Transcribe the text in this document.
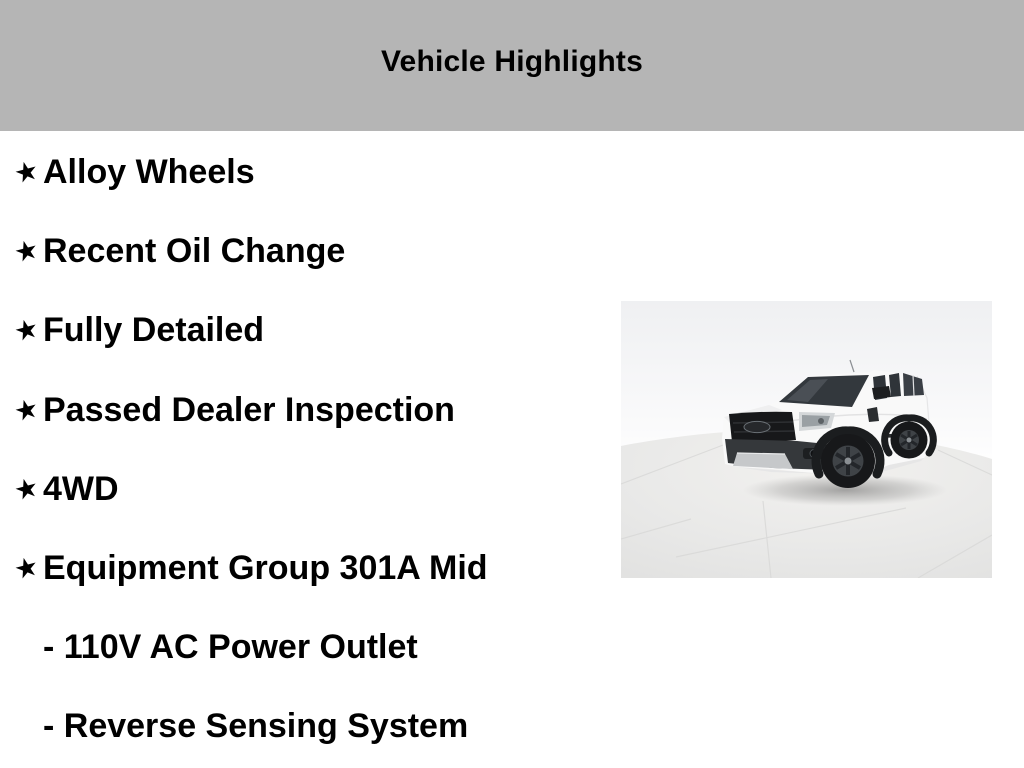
Vehicle Highlights
★ Alloy Wheels
★ Recent Oil Change
★ Fully Detailed
★ Passed Dealer Inspection
★ 4WD
★ Equipment Group 301A Mid
- 110V AC Power Outlet
- Reverse Sensing System
